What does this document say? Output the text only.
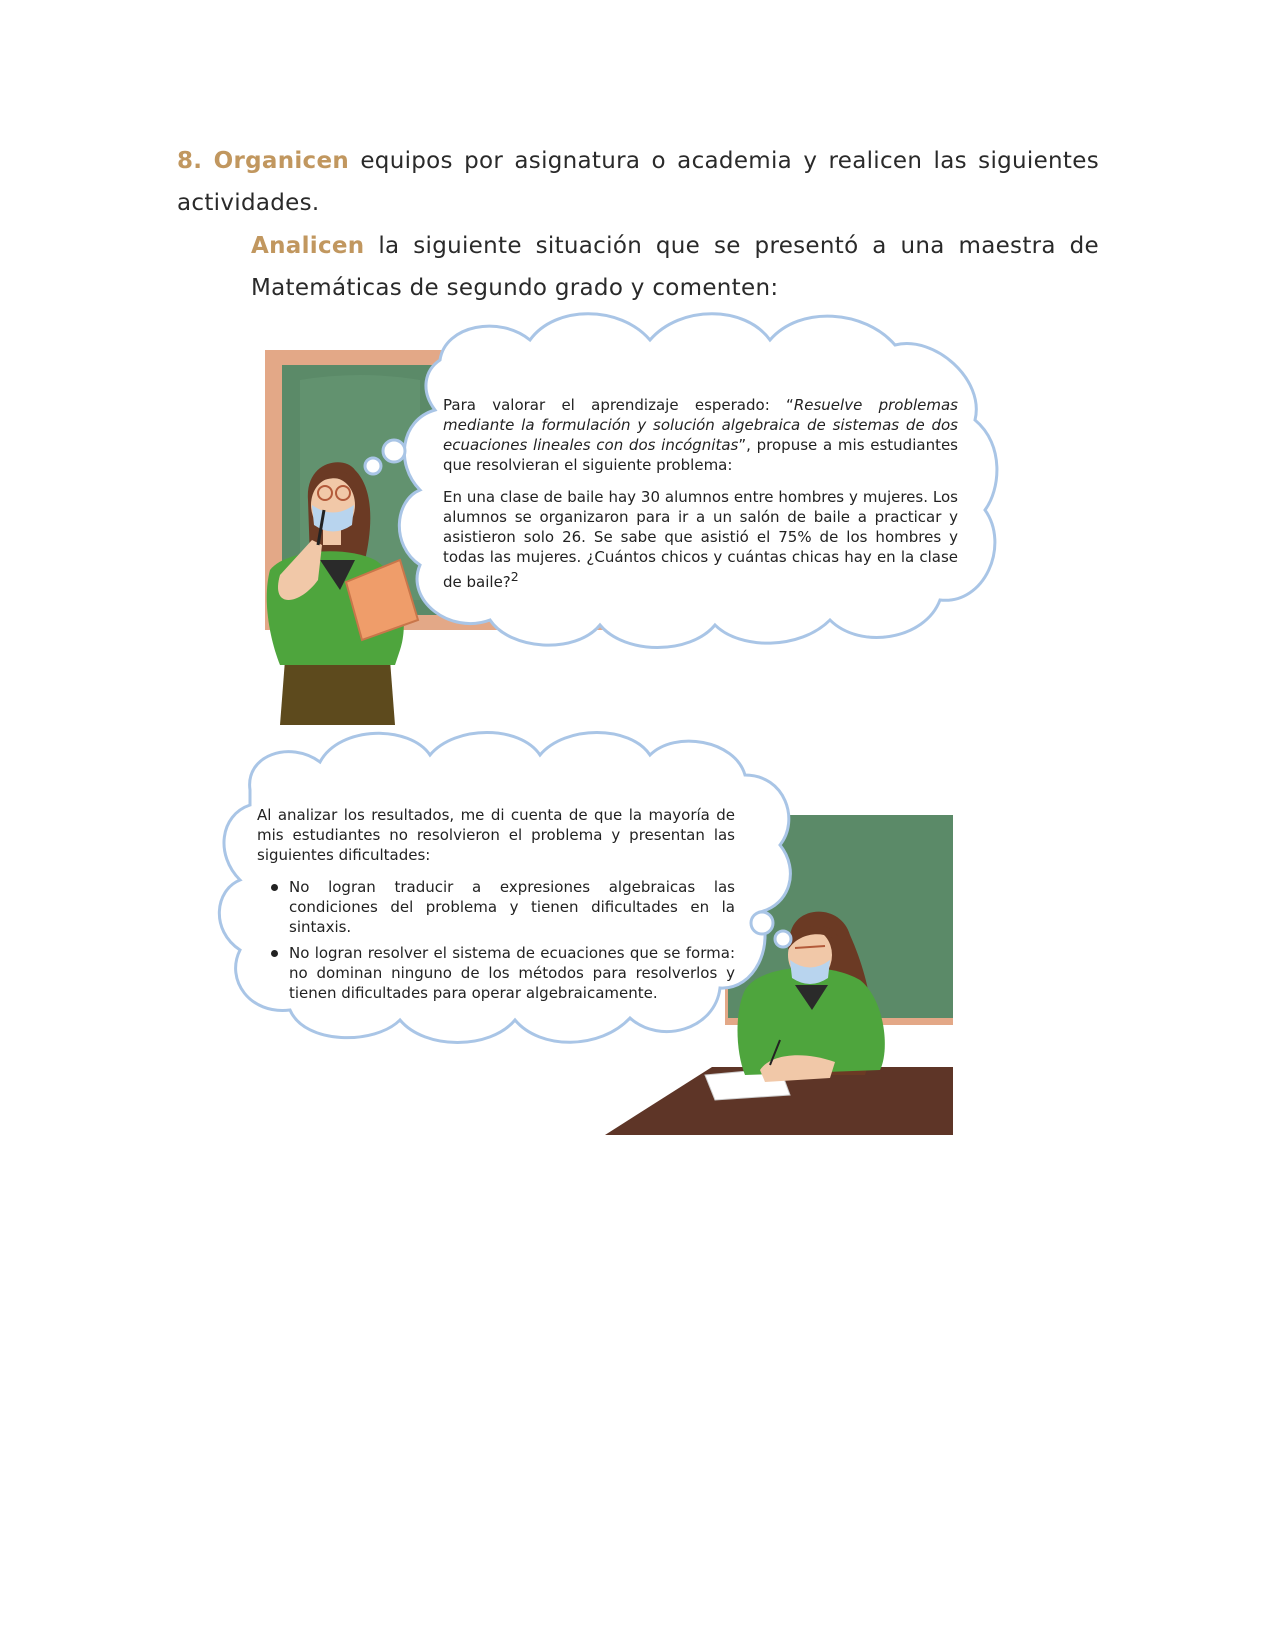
8. Organicen equipos por asignatura o academia y realicen las siguientes actividades.

Analicen la siguiente situación que se presentó a una maestra de Matemáticas de segundo grado y comenten:

Para valorar el aprendizaje esperado: “Resuelve problemas mediante la formulación y solución algebraica de sistemas de dos ecuaciones lineales con dos incógnitas”, propuse a mis estudiantes que resolvieran el siguiente problema:

En una clase de baile hay 30 alumnos entre hombres y mujeres. Los alumnos se organizaron para ir a un salón de baile a practicar y asistieron solo 26. Se sabe que asistió el 75% de los hombres y todas las mujeres. ¿Cuántos chicos y cuántas chicas hay en la clase de baile?$^2$

Al analizar los resultados, me di cuenta de que la mayoría de mis estudiantes no resolvieron el problema y presentan las siguientes dificultades:

No logran traducir a expresiones algebraicas las condiciones del problema y tienen dificultades en la sintaxis.
No logran resolver el sistema de ecuaciones que se forma: no dominan ninguno de los métodos para resolverlos y tienen dificultades para operar algebraicamente.
